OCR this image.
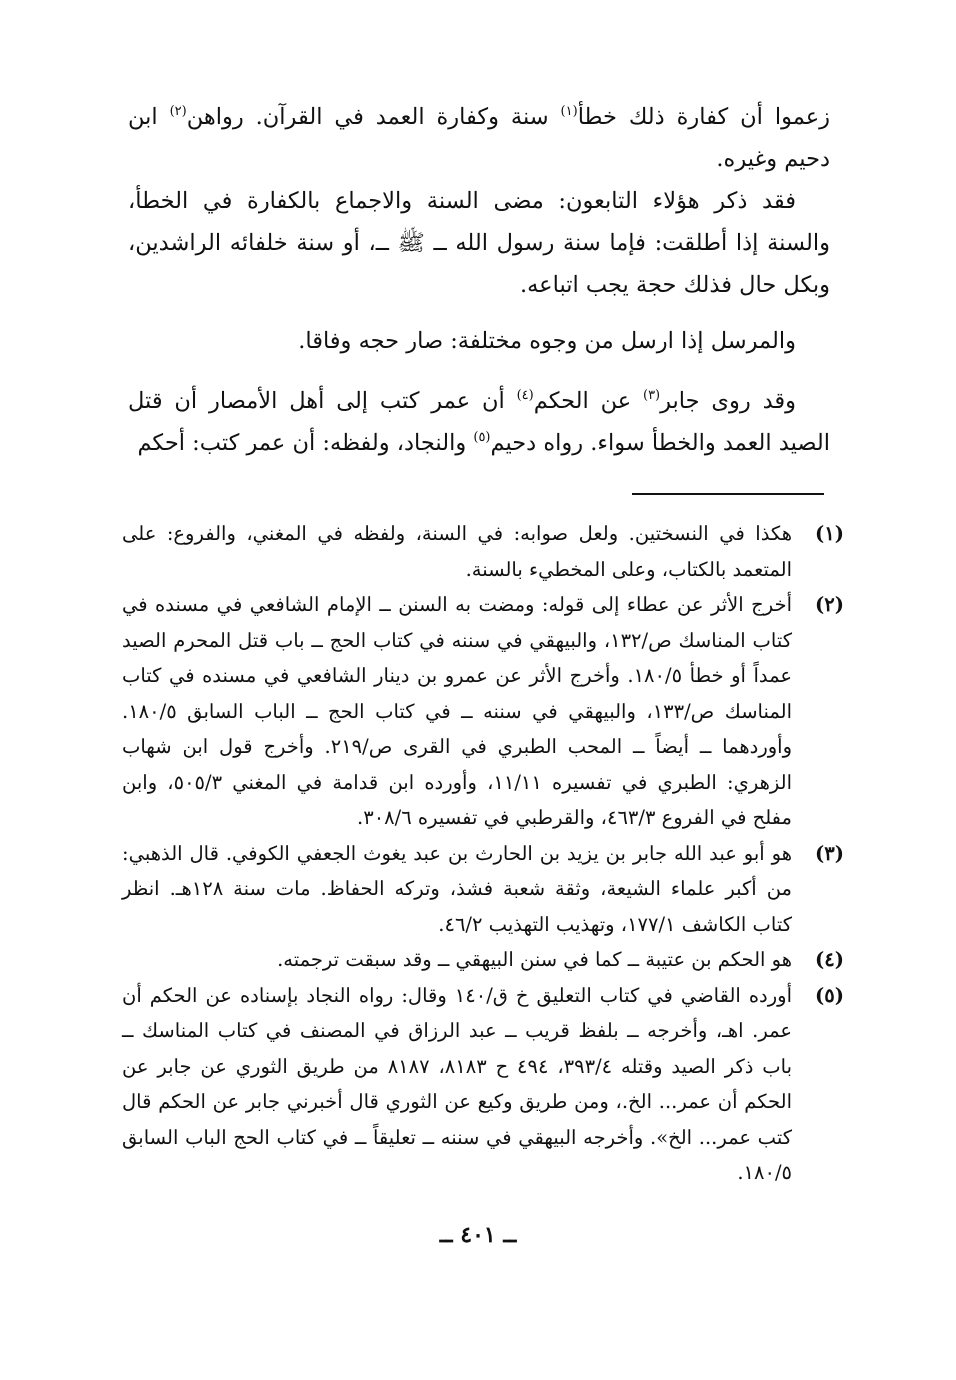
زعموا أن كفارة ذلك خطأ$^{(١)}$ سنة وكفارة العمد في القرآن. رواهن$^{(٢)}$ ابن دحيم وغيره.

فقد ذكر هؤلاء التابعون: مضى السنة والاجماع بالكفارة في الخطأ، والسنة إذا أطلقت: فإما سنة رسول الله ــ ﷺ ــ، أو سنة خلفائه الراشدين، وبكل حال فذلك حجة يجب اتباعه.

والمرسل إذا ارسل من وجوه مختلفة: صار حجه وفاقا.

وقد روى جابر$^{(٣)}$ عن الحكم$^{(٤)}$ أن عمر كتب إلى أهل الأمصار أن قتل الصيد العمد والخطأ سواء. رواه دحيم$^{(٥)}$ والنجاد، ولفظه: أن عمر كتب: أحكم

(١)
هكذا في النسختين. ولعل صوابه: في السنة، ولفظه في المغني، والفروع: على المتعمد بالكتاب، وعلى المخطيء بالسنة.
(٢)
أخرج الأثر عن عطاء إلى قوله: ومضت به السنن ــ الإمام الشافعي في مسنده في كتاب المناسك ص/١٣٢، والبيهقي في سننه في كتاب الحج ــ باب قتل المحرم الصيد عمداً أو خطأ ١٨٠/٥. وأخرج الأثر عن عمرو بن دينار الشافعي في مسنده في كتاب المناسك ص/١٣٣، والبيهقي في سننه ــ في كتاب الحج ــ الباب السابق ١٨٠/٥. وأوردهما ــ أيضاً ــ المحب الطبري في القرى ص/٢١٩. وأخرج قول ابن شهاب الزهري: الطبري في تفسيره ١١/١١، وأورده ابن قدامة في المغني ٥٠٥/٣، وابن مفلح في الفروع ٤٦٣/٣، والقرطبي في تفسيره ٣٠٨/٦.
(٣)
هو أبو عبد الله جابر بن يزيد بن الحارث بن عبد يغوث الجعفي الكوفي. قال الذهبي: من أكبر علماء الشيعة، وثقة شعبة فشذ، وتركه الحفاظ. مات سنة ١٢٨هـ. انظر كتاب الكاشف ١٧٧/١، وتهذيب التهذيب ٤٦/٢.
(٤)
هو الحكم بن عتيبة ــ كما في سنن البيهقي ــ وقد سبقت ترجمته.
(٥)
أورده القاضي في كتاب التعليق خ ق/١٤٠ وقال: رواه النجاد بإسناده عن الحكم أن عمر. اهـ، وأخرجه ــ بلفظ قريب ــ عبد الرزاق في المصنف في كتاب المناسك ــ باب ذكر الصيد وقتله ٣٩٣/٤، ٤٩٤ ح ٨١٨٣، ٨١٨٧ من طريق الثوري عن جابر عن الحكم أن عمر... الخ.، ومن طريق وكيع عن الثوري قال أخبرني جابر عن الحكم قال كتب عمر... الخ». وأخرجه البيهقي في سننه ــ تعليقاً ــ في كتاب الحج الباب السابق ١٨٠/٥.
ــ ٤٠١ ــ
